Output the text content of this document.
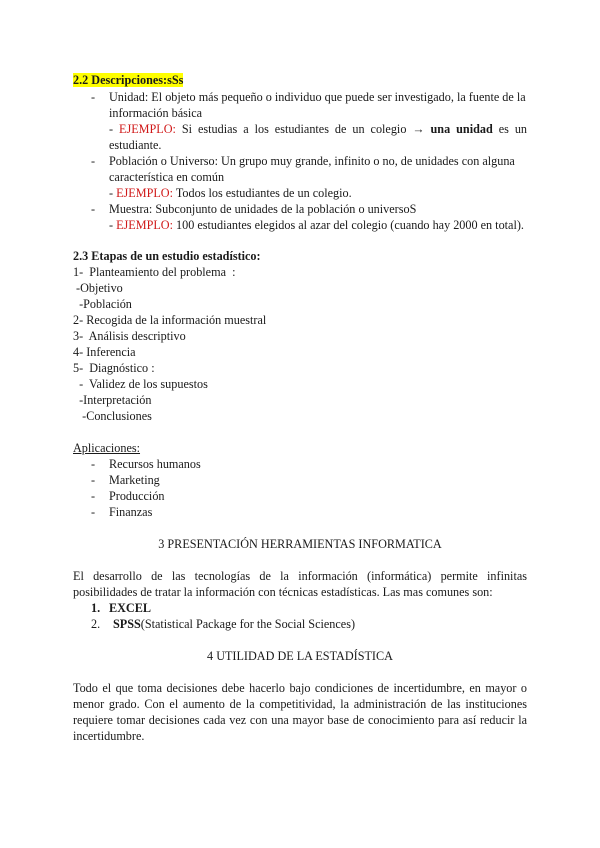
2.2 Descripciones:sSs
- Unidad: El objeto más pequeño o individuo que puede ser investigado, la fuente de la
información básica
- EJEMPLO: Si estudias a los estudiantes de un colegio → una unidad es un
estudiante.
- Población o Universo: Un grupo muy grande, infinito o no, de unidades con alguna
característica en común
- EJEMPLO: Todos los estudiantes de un colegio.
- Muestra: Subconjunto de unidades de la población o universoS
- EJEMPLO: 100 estudiantes elegidos al azar del colegio (cuando hay 2000 en total).
2.3 Etapas de un estudio estadístico:
1-  Planteamiento del problema  :
-Objetivo
-Población
2- Recogida de la información muestral
3-  Análisis descriptivo
4- Inferencia
5-  Diagnóstico :
-  Validez de los supuestos
-Interpretación
-Conclusiones
Aplicaciones:
- Recursos humanos
- Marketing
- Producción
- Finanzas
3 PRESENTACIÓN HERRAMIENTAS INFORMATICA
El desarrollo de las tecnologías de la información (informática) permite infinitas
posibilidades de tratar la información con técnicas estadísticas. Las mas comunes son:
1. EXCEL
2. SPSS(Statistical Package for the Social Sciences)
4 UTILIDAD DE LA ESTADÍSTICA
Todo el que toma decisiones debe hacerlo bajo condiciones de incertidumbre, en mayor o
menor grado. Con el aumento de la competitividad, la administración de las instituciones
requiere tomar decisiones cada vez con una mayor base de conocimiento para así reducir la
incertidumbre.
